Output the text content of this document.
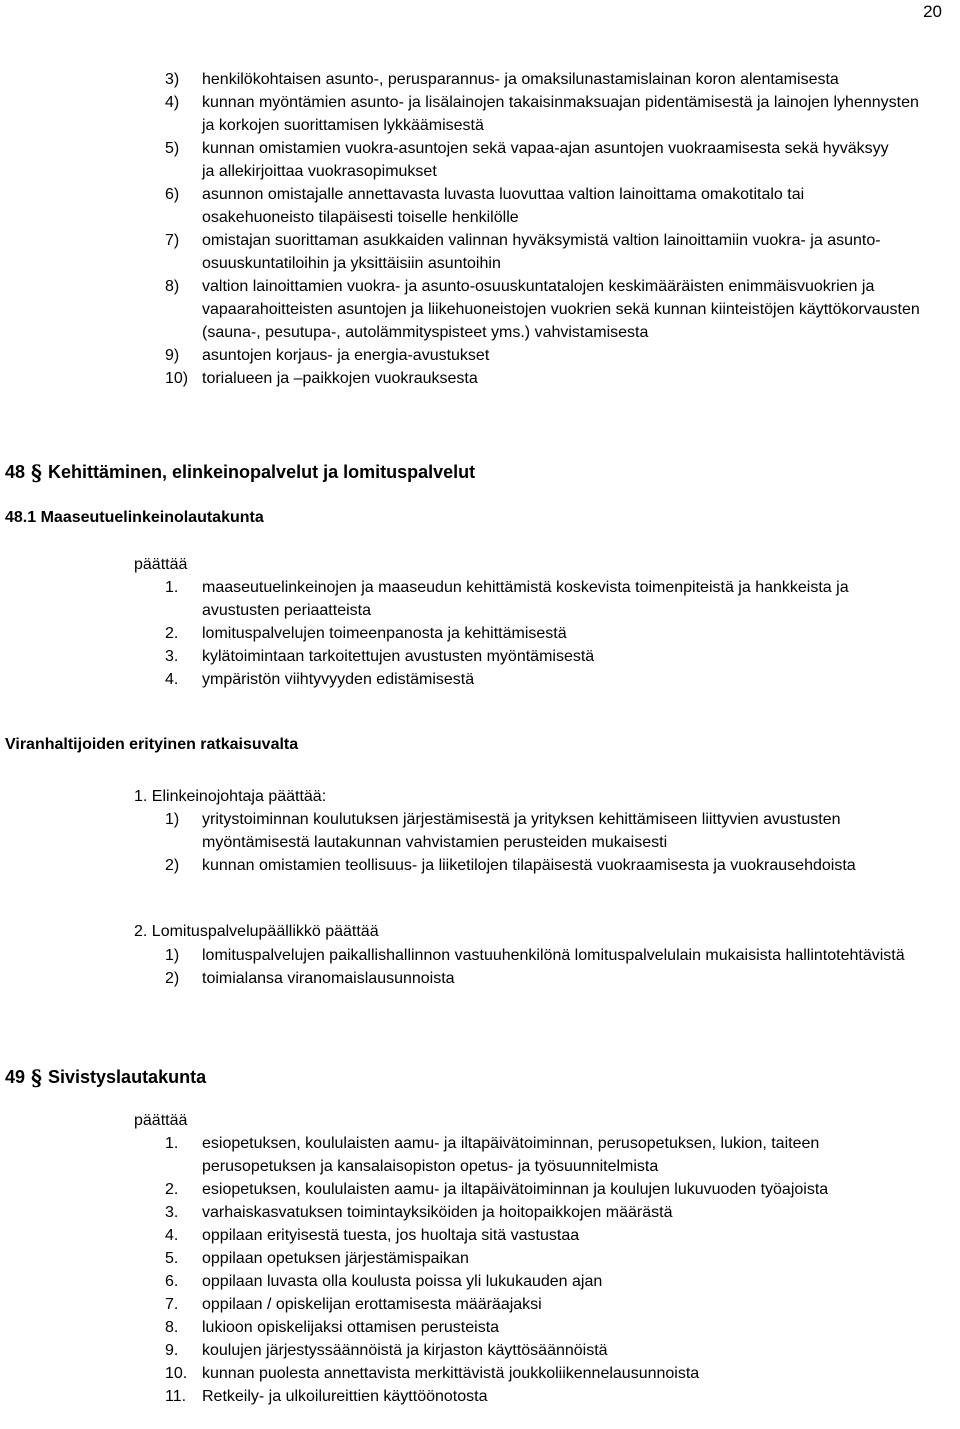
20
3) henkilökohtaisen asunto-, perusparannus- ja omaksilunastamislainan koron alentamisesta
4) kunnan myöntämien asunto- ja lisälainojen takaisinmaksuajan pidentämisestä ja lainojen lyhennysten ja korkojen suorittamisen lykkäämisestä
5) kunnan omistamien vuokra-asuntojen sekä vapaa-ajan asuntojen vuokraamisesta sekä hyväksyy ja allekirjoittaa vuokrasopimukset
6) asunnon omistajalle annettavasta luvasta luovuttaa valtion lainoittama omakotitalo tai osakehuoneisto tilapäisesti toiselle henkilölle
7) omistajan suorittaman asukkaiden valinnan hyväksymistä valtion lainoittamiin vuokra- ja asunto-osuuskuntatiloihin ja yksittäisiin asuntoihin
8) valtion lainoittamien vuokra- ja asunto-osuuskuntatalojen keskimääräisten enimmäisvuokrien ja vapaarahoitteisten asuntojen ja liikehuoneistojen vuokrien sekä kunnan kiinteistöjen käyttökorvausten (sauna-, pesutupa-, autolämmityspisteet yms.) vahvistamisesta
9) asuntojen korjaus- ja energia-avustukset
10) torialueen ja –paikkojen vuokrauksesta
48 § Kehittäminen, elinkeinopalvelut ja lomituspalvelut
48.1 Maaseutuelinkeinolautakunta
päättää
1. maaseutuelinkeinojen ja maaseudun kehittämistä koskevista toimenpiteistä ja hankkeista ja avustusten periaatteista
2. lomituspalvelujen toimeenpanosta ja kehittämisestä
3. kylätoimintaan tarkoitettujen avustusten myöntämisestä
4. ympäristön viihtyvyyden edistämisestä
Viranhaltijoiden erityinen ratkaisuvalta
1. Elinkeinojohtaja päättää:
1) yritystoiminnan koulutuksen järjestämisestä ja yrityksen kehittämiseen liittyvien avustusten myöntämisestä lautakunnan vahvistamien perusteiden mukaisesti
2) kunnan omistamien teollisuus- ja liiketilojen tilapäisestä vuokraamisesta ja vuokrausehdoista
2. Lomituspalvelupäällikkö päättää
1) lomituspalvelujen paikallishallinnon vastuuhenkilönä lomituspalvelulain mukaisista hallintotehtävistä
2) toimialansa viranomaislausunnoista
49 § Sivistyslautakunta
päättää
1. esiopetuksen, koululaisten aamu- ja iltapäivätoiminnan, perusopetuksen, lukion, taiteen perusopetuksen ja kansalaisopiston opetus- ja työsuunnitelmista
2. esiopetuksen, koululaisten aamu- ja iltapäivätoiminnan ja koulujen lukuvuoden työajoista
3. varhaiskasvatuksen toimintayksiköiden ja hoitopaikkojen määrästä
4. oppilaan erityisestä tuesta, jos huoltaja sitä vastustaa
5. oppilaan opetuksen järjestämispaikan
6. oppilaan luvasta olla koulusta poissa yli lukukauden ajan
7. oppilaan / opiskelijan erottamisesta määräajaksi
8. lukioon opiskelijaksi ottamisen perusteista
9. koulujen järjestyssäännöistä ja kirjaston käyttösäännöistä
10. kunnan puolesta annettavista merkittävistä joukkoliikennelausunnoista
11. Retkeily- ja ulkoilureittien käyttöönotosta
